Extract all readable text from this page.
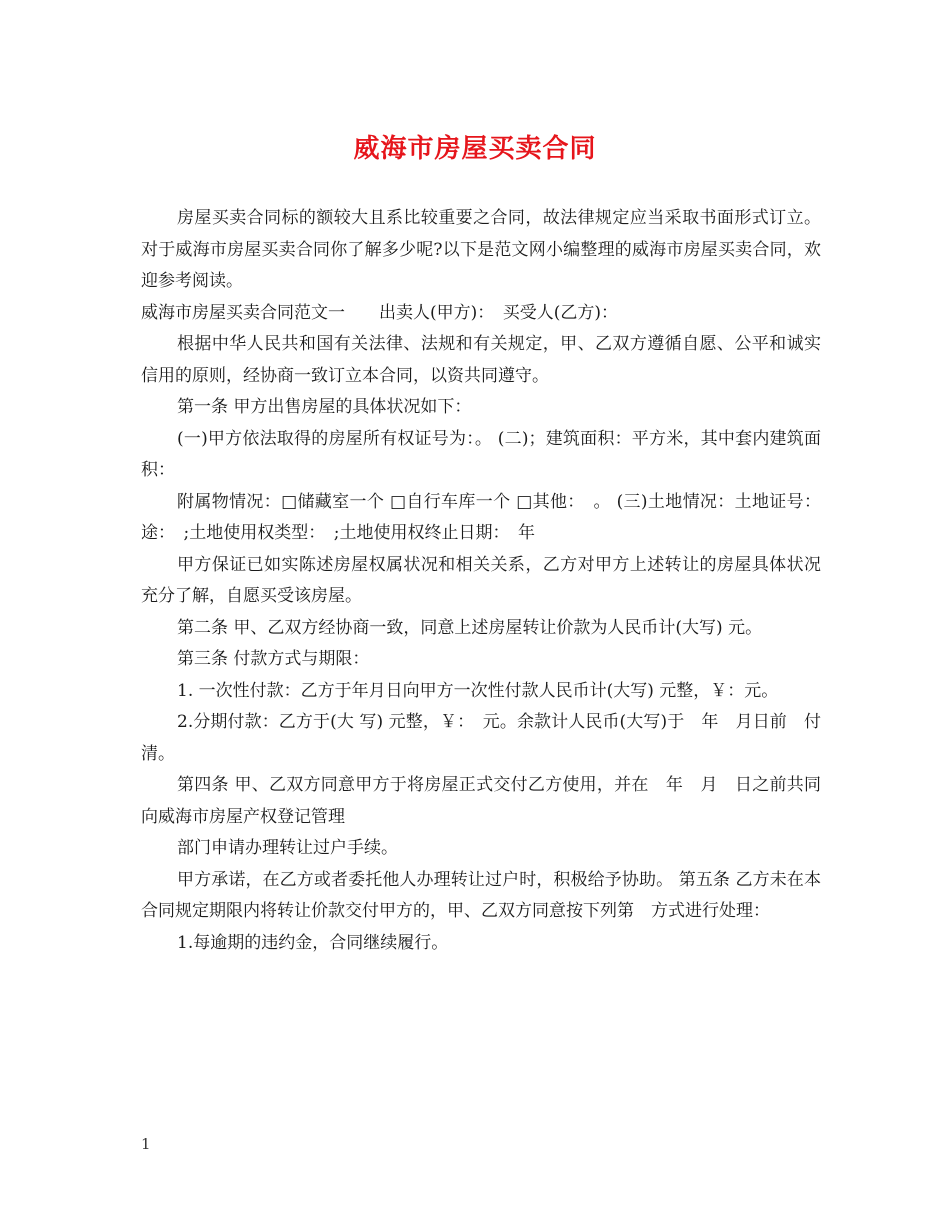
威海市房屋买卖合同

房屋买卖合同标的额较大且系比较重要之合同，故法律规定应当采取书面形式订立。对于威海市房屋买卖合同你了解多少呢?以下是范文网小编整理的威海市房屋买卖合同，欢迎参考阅读。

威海市房屋买卖合同范文一　　出卖人(甲方)：　买受人(乙方)：

根据中华人民共和国有关法律、法规和有关规定，甲、乙双方遵循自愿、公平和诚实信用的原则，经协商一致订立本合同，以资共同遵守。

第一条 甲方出售房屋的具体状况如下：

(一)甲方依法取得的房屋所有权证号为：。 (二)；建筑面积：平方米，其中套内建筑面积：

附属物情况：□储藏室一个 □自行车库一个 □其他：　。 (三)土地情况：土地证号：途：　;土地使用权类型：　;土地使用权终止日期：　年

甲方保证已如实陈述房屋权属状况和相关关系，乙方对甲方上述转让的房屋具体状况充分了解，自愿买受该房屋。

第二条 甲、乙双方经协商一致，同意上述房屋转让价款为人民币计(大写) 元。

第三条 付款方式与期限：

1. 一次性付款：乙方于年月日向甲方一次性付款人民币计(大写) 元整，￥：元。

2.分期付款：乙方于(大 写) 元整，￥：　元。余款计人民币(大写)于　年　月日前　付清。

第四条 甲、乙双方同意甲方于将房屋正式交付乙方使用，并在　年　月　日之前共同向威海市房屋产权登记管理

部门申请办理转让过户手续。

甲方承诺，在乙方或者委托他人办理转让过户时，积极给予协助。 第五条 乙方未在本合同规定期限内将转让价款交付甲方的，甲、乙双方同意按下列第　方式进行处理：

1.每逾期的违约金，合同继续履行。

1
